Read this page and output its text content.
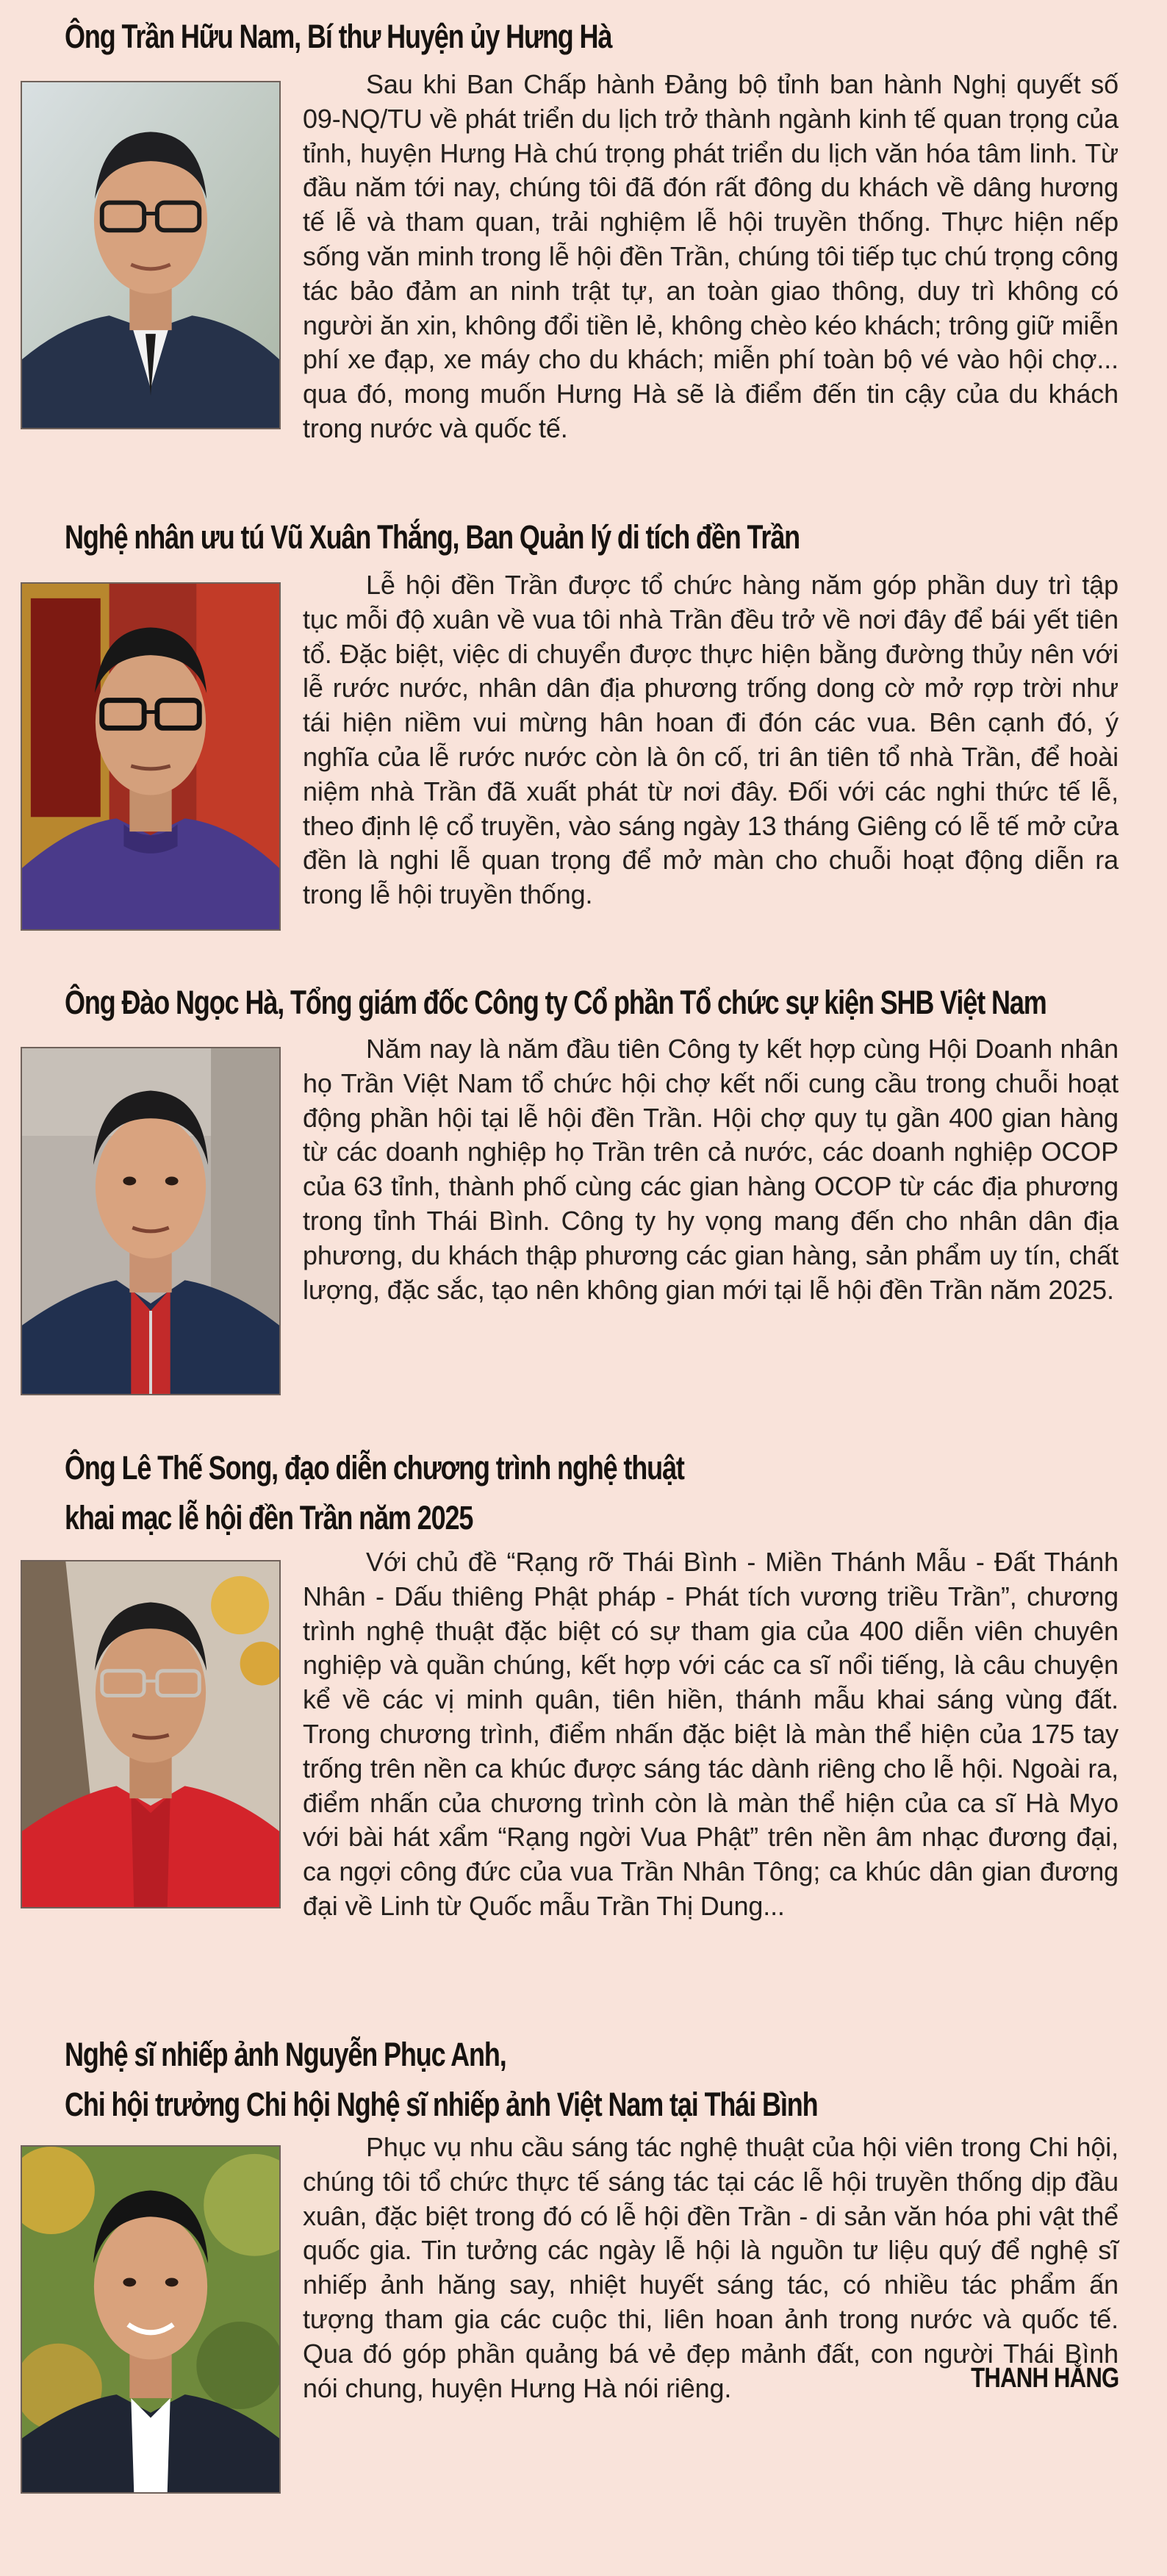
Ông Trần Hữu Nam, Bí thư Huyện ủy Hưng Hà

Sau khi Ban Chấp hành Đảng bộ tỉnh ban hành Nghị quyết số 09-NQ/TU về phát triển du lịch trở thành ngành kinh tế quan trọng của tỉnh, huyện Hưng Hà chú trọng phát triển du lịch văn hóa tâm linh. Từ đầu năm tới nay, chúng tôi đã đón rất đông du khách về dâng hương tế lễ và tham quan, trải nghiệm lễ hội truyền thống. Thực hiện nếp sống văn minh trong lễ hội đền Trần, chúng tôi tiếp tục chú trọng công tác bảo đảm an ninh trật tự, an toàn giao thông, duy trì không có người ăn xin, không đổi tiền lẻ, không chèo kéo khách; trông giữ miễn phí xe đạp, xe máy cho du khách; miễn phí toàn bộ vé vào hội chợ... qua đó, mong muốn Hưng Hà sẽ là điểm đến tin cậy của du khách trong nước và quốc tế.

Nghệ nhân ưu tú Vũ Xuân Thắng, Ban Quản lý di tích đền Trần

Lễ hội đền Trần được tổ chức hàng năm góp phần duy trì tập tục mỗi độ xuân về vua tôi nhà Trần đều trở về nơi đây để bái yết tiên tổ. Đặc biệt, việc di chuyển được thực hiện bằng đường thủy nên với lễ rước nước, nhân dân địa phương trống dong cờ mở rợp trời như tái hiện niềm vui mừng hân hoan đi đón các vua. Bên cạnh đó, ý nghĩa của lễ rước nước còn là ôn cố, tri ân tiên tổ nhà Trần, để hoài niệm nhà Trần đã xuất phát từ nơi đây. Đối với các nghi thức tế lễ, theo định lệ cổ truyền, vào sáng ngày 13 tháng Giêng có lễ tế mở cửa đền là nghi lễ quan trọng để mở màn cho chuỗi hoạt động diễn ra trong lễ hội truyền thống.

Ông Đào Ngọc Hà, Tổng giám đốc Công ty Cổ phần Tổ chức sự kiện SHB Việt Nam

Năm nay là năm đầu tiên Công ty kết hợp cùng Hội Doanh nhân họ Trần Việt Nam tổ chức hội chợ kết nối cung cầu trong chuỗi hoạt động phần hội tại lễ hội đền Trần. Hội chợ quy tụ gần 400 gian hàng từ các doanh nghiệp họ Trần trên cả nước, các doanh nghiệp OCOP của 63 tỉnh, thành phố cùng các gian hàng OCOP từ các địa phương trong tỉnh Thái Bình. Công ty hy vọng mang đến cho nhân dân địa phương, du khách thập phương các gian hàng, sản phẩm uy tín, chất lượng, đặc sắc, tạo nên không gian mới tại lễ hội đền Trần năm 2025.

Ông Lê Thế Song, đạo diễn chương trình nghệ thuật
khai mạc lễ hội đền Trần năm 2025

Với chủ đề “Rạng rỡ Thái Bình - Miền Thánh Mẫu - Đất Thánh Nhân - Dấu thiêng Phật pháp - Phát tích vương triều Trần”, chương trình nghệ thuật đặc biệt có sự tham gia của 400 diễn viên chuyên nghiệp và quần chúng, kết hợp với các ca sĩ nổi tiếng, là câu chuyện kể về các vị minh quân, tiên hiền, thánh mẫu khai sáng vùng đất. Trong chương trình, điểm nhấn đặc biệt là màn thể hiện của 175 tay trống trên nền ca khúc được sáng tác dành riêng cho lễ hội. Ngoài ra, điểm nhấn của chương trình còn là màn thể hiện của ca sĩ Hà Myo với bài hát xẩm “Rạng ngời Vua Phật” trên nền âm nhạc đương đại, ca ngợi công đức của vua Trần Nhân Tông; ca khúc dân gian đương đại về Linh từ Quốc mẫu Trần Thị Dung...

Nghệ sĩ nhiếp ảnh Nguyễn Phục Anh,
Chi hội trưởng Chi hội Nghệ sĩ nhiếp ảnh Việt Nam tại Thái Bình

Phục vụ nhu cầu sáng tác nghệ thuật của hội viên trong Chi hội, chúng tôi tổ chức thực tế sáng tác tại các lễ hội truyền thống dịp đầu xuân, đặc biệt trong đó có lễ hội đền Trần - di sản văn hóa phi vật thể quốc gia. Tin tưởng các ngày lễ hội là nguồn tư liệu quý để nghệ sĩ nhiếp ảnh hăng say, nhiệt huyết sáng tác, có nhiều tác phẩm ấn tượng tham gia các cuộc thi, liên hoan ảnh trong nước và quốc tế. Qua đó góp phần quảng bá vẻ đẹp mảnh đất, con người Thái Bình nói chung, huyện Hưng Hà nói riêng.	THANH HẰNG
